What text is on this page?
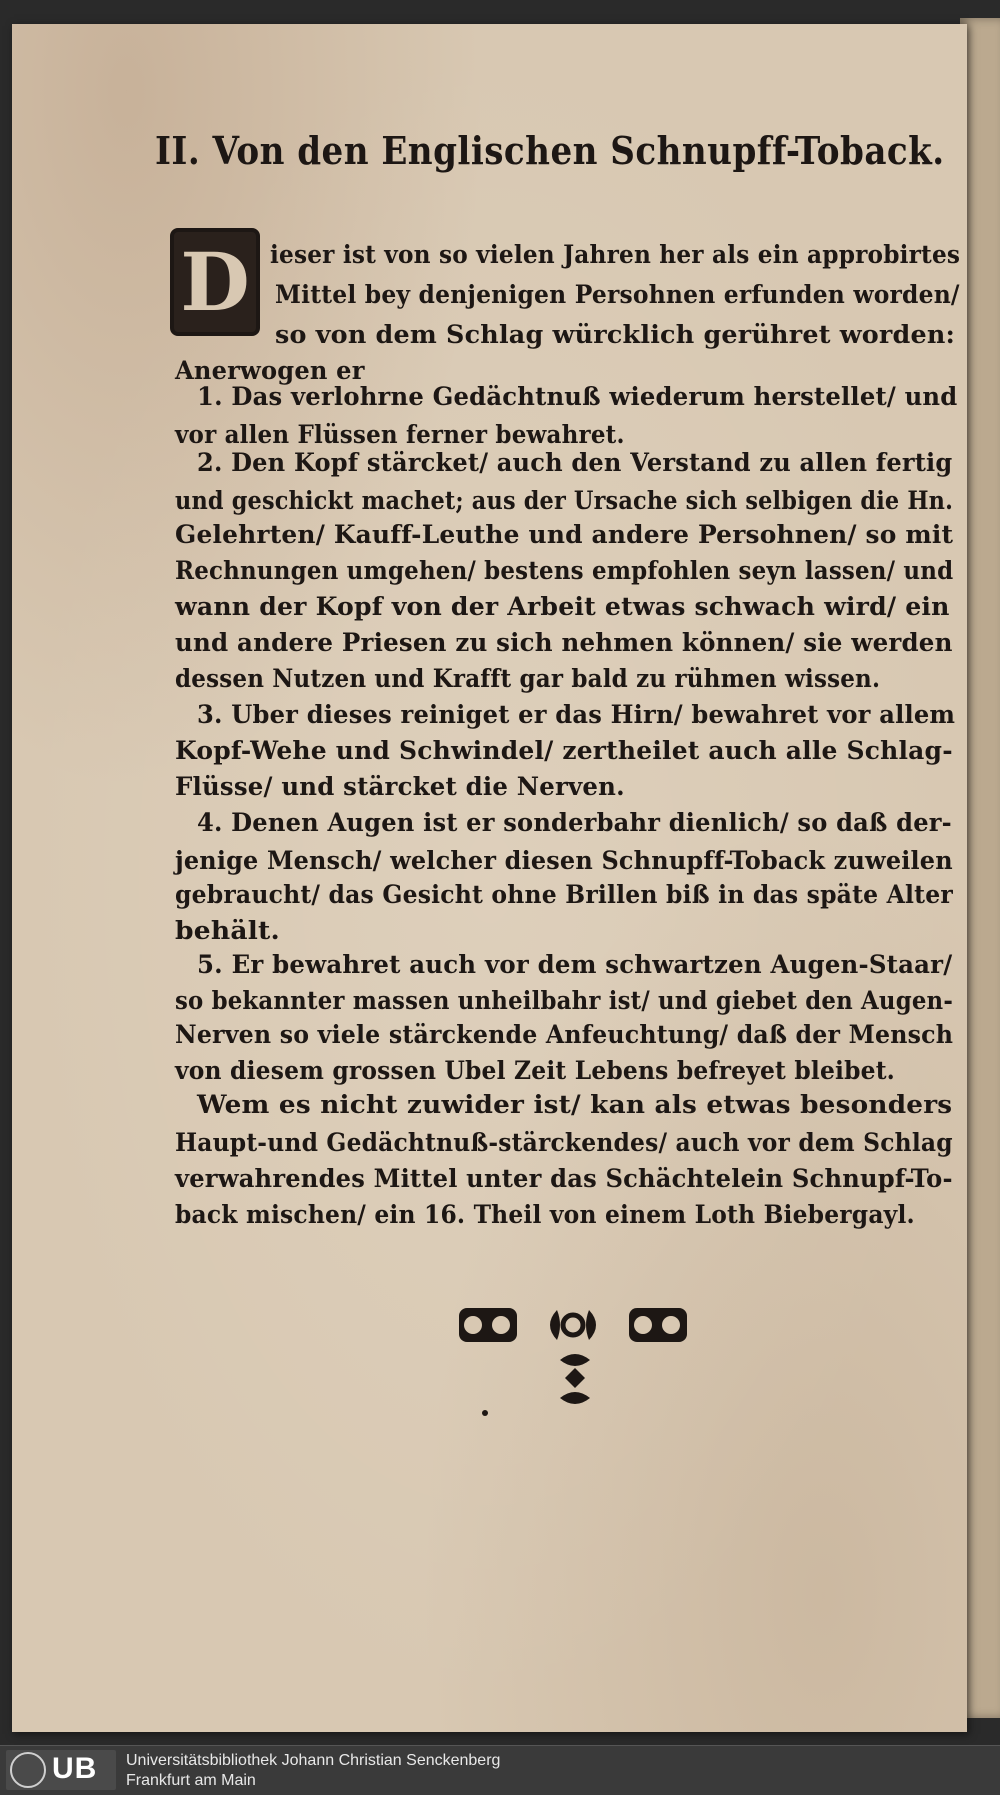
II. Von den Englischen Schnupff-Toback.
D ieser ist von so vielen Jahren her als ein approbirtes
Mittel bey denjenigen Persohnen erfunden worden/
so von dem Schlag würcklich gerühret worden:
Anerwogen er
1. Das verlohrne Gedächtnuß wiederum herstellet/ und
vor allen Flüssen ferner bewahret.
2. Den Kopf stärcket/ auch den Verstand zu allen fertig
und geschickt machet; aus der Ursache sich selbigen die Hn.
Gelehrten/ Kauff-Leuthe und andere Persohnen/ so mit
Rechnungen umgehen/ bestens empfohlen seyn lassen/ und
wann der Kopf von der Arbeit etwas schwach wird/ ein
und andere Priesen zu sich nehmen können/ sie werden
dessen Nutzen und Krafft gar bald zu rühmen wissen.
3. Uber dieses reiniget er das Hirn/ bewahret vor allem
Kopf-Wehe und Schwindel/ zertheilet auch alle Schlag-
Flüsse/ und stärcket die Nerven.
4. Denen Augen ist er sonderbahr dienlich/ so daß der-
jenige Mensch/ welcher diesen Schnupff-Toback zuweilen
gebraucht/ das Gesicht ohne Brillen biß in das späte Alter
behält.
5. Er bewahret auch vor dem schwartzen Augen-Staar/
so bekannter massen unheilbahr ist/ und giebet den Augen-
Nerven so viele stärckende Anfeuchtung/ daß der Mensch
von diesem grossen Ubel Zeit Lebens befreyet bleibet.
Wem es nicht zuwider ist/ kan als etwas besonders
Haupt-und Gedächtnuß-stärckendes/ auch vor dem Schlag
verwahrendes Mittel unter das Schächtelein Schnupf-To-
back mischen/ ein 16. Theil von einem Loth Biebergayl.
UB Universitätsbibliothek Johann Christian Senckenberg
Frankfurt am Main
